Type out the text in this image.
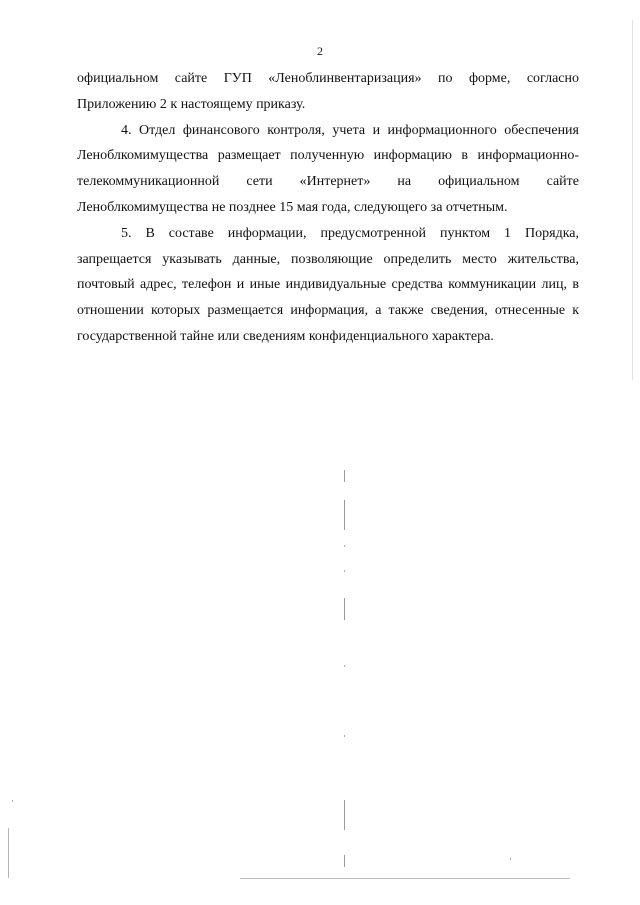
2

официальном сайте ГУП «Леноблинвентаризация» по форме, согласно Приложению 2 к настоящему приказу.

4. Отдел финансового контроля, учета и информационного обеспечения Леноблкомимущества размещает полученную информацию в информационно-телекоммуникационной сети «Интернет» на официальном сайте Леноблкомимущества не позднее 15 мая года, следующего за отчетным.

5. В составе информации, предусмотренной пунктом 1 Порядка, запрещается указывать данные, позволяющие определить место жительства, почтовый адрес, телефон и иные индивидуальные средства коммуникации лиц, в отношении которых размещается информация, а также сведения, отнесенные к государственной тайне или сведениям конфиденциального характера.
